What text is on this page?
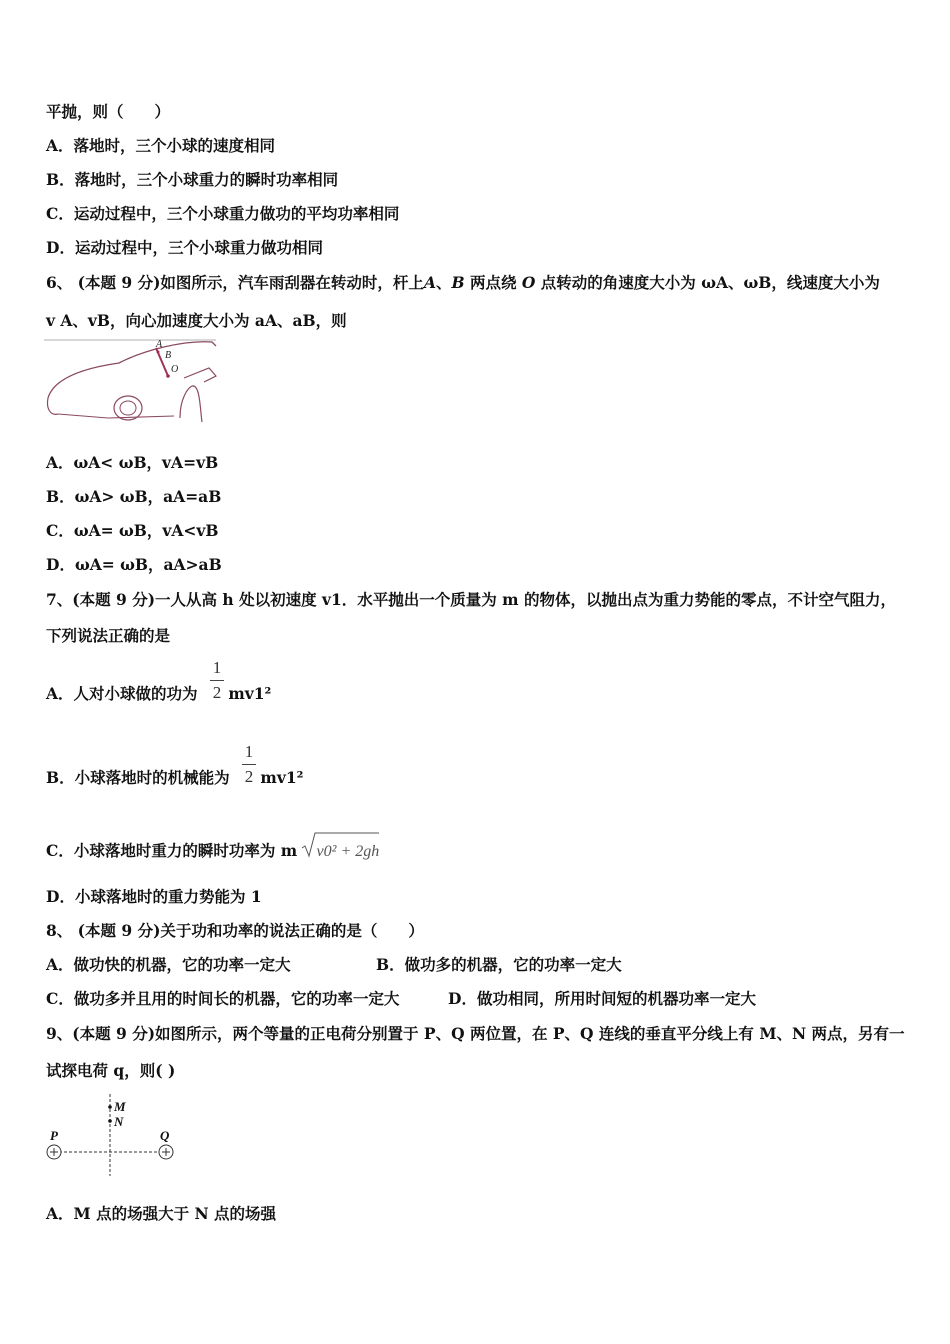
平抛，则（　　）
A．落地时，三个小球的速度相同
B．落地时，三个小球重力的瞬时功率相同
C．运动过程中，三个小球重力做功的平均功率相同
D．运动过程中，三个小球重力做功相同
6、 (本题 9 分)如图所示，汽车雨刮器在转动时，杆上A、B 两点绕 O 点转动的角速度大小为 ωA、ωB，线速度大小为
v A、vB，向心加速度大小为 aA、aB，则
A
B
O
A．ωA< ωB，vA=vB
B．ωA> ωB，aA=aB
C．ωA= ωB，vA<vB
D．ωA= ωB，aA>aB
7、(本题 9 分)一人从高 h 处以初速度 v1．水平抛出一个质量为 m 的物体，以抛出点为重力势能的零点，不计空气阻力，
下列说法正确的是
A．人对小球做的功为 mv1²
1
2
B．小球落地时的机械能为 mv1²
1
2
C．小球落地时重力的瞬时功率为 m v0² + 2gh
D．小球落地时的重力势能为 1
8、 (本题 9 分)关于功和功率的说法正确的是（　　）
A．做功快的机器，它的功率一定大	B．做功多的机器，它的功率一定大
C．做功多并且用的时间长的机器，它的功率一定大	D．做功相同，所用时间短的机器功率一定大
9、(本题 9 分)如图所示，两个等量的正电荷分别置于 P、Q 两位置，在 P、Q 连线的垂直平分线上有 M、N 两点，另有一
试探电荷 q，则( )
M
N
P	Q
A．M 点的场强大于 N 点的场强
